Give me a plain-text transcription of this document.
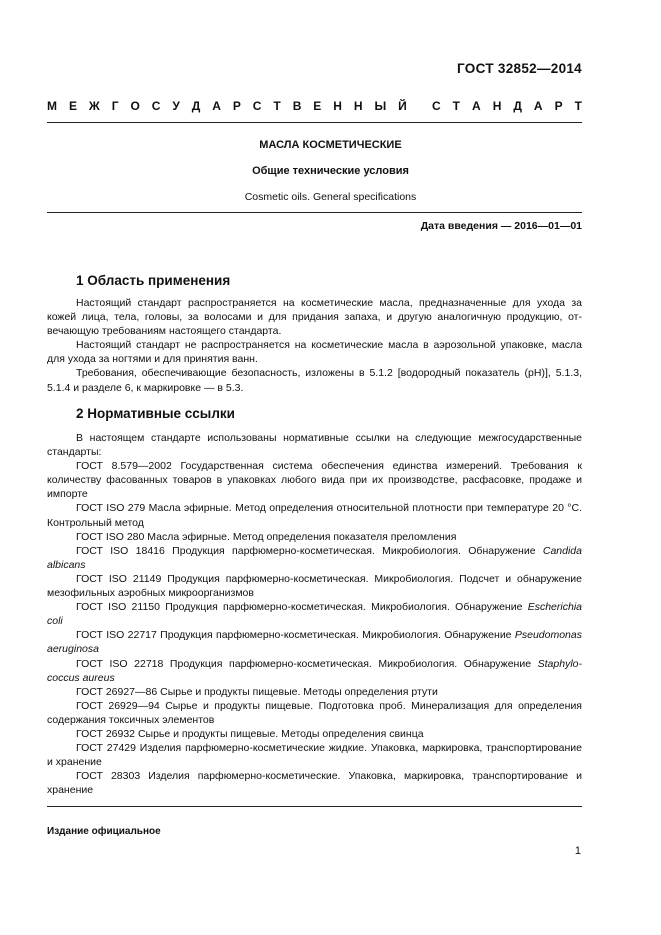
ГОСТ 32852—2014
М Е Ж Г О С У Д А Р С Т В Е Н Н Ы Й С Т А Н Д А Р Т
МАСЛА КОСМЕТИЧЕСКИЕ
Общие технические условия
Cosmetic oils. General specifications
Дата введения — 2016—01—01
1 Область применения

Настоящий стандарт распространяется на косметические масла, предназначенные для ухода за кожей лица, тела, головы, за волосами и для придания запаха, и другую аналогичную продукцию, отвечающую требованиям настоящего стандарта.

Настоящий стандарт не распространяется на косметические масла в аэрозольной упаковке, масла для ухода за ногтями и для принятия ванн.

Требования, обеспечивающие безопасность, изложены в 5.1.2 [водородный показатель (рН)], 5.1.3, 5.1.4 и разделе 6, к маркировке — в 5.3.

2 Нормативные ссылки

В настоящем стандарте использованы нормативные ссылки на следующие межгосударственные стандарты:

ГОСТ 8.579—2002 Государственная система обеспечения единства измерений. Требования к количеству фасованных товаров в упаковках любого вида при их производстве, расфасовке, продаже и импорте

ГОСТ ISO 279 Масла эфирные. Метод определения относительной плотности при температуре 20 °С. Контрольный метод

ГОСТ ISO 280 Масла эфирные. Метод определения показателя преломления

ГОСТ ISO 18416 Продукция парфюмерно-косметическая. Микробиология. Обнаружение Candida albicans

ГОСТ ISO 21149 Продукция парфюмерно-косметическая. Микробиология. Подсчет и обнаружение мезофильных аэробных микроорганизмов

ГОСТ ISO 21150 Продукция парфюмерно-косметическая. Микробиология. Обнаружение Escherichia coli

ГОСТ ISO 22717 Продукция парфюмерно-косметическая. Микробиология. Обнаружение Pseudomonas aeruginosa

ГОСТ ISO 22718 Продукция парфюмерно-косметическая. Микробиология. Обнаружение Staphylococcus aureus

ГОСТ 26927—86 Сырье и продукты пищевые. Методы определения ртути

ГОСТ 26929—94 Сырье и продукты пищевые. Подготовка проб. Минерализация для определения содержания токсичных элементов

ГОСТ 26932 Сырье и продукты пищевые. Методы определения свинца

ГОСТ 27429 Изделия парфюмерно-косметические жидкие. Упаковка, маркировка, транспортирование и хранение

ГОСТ 28303 Изделия парфюмерно-косметические. Упаковка, маркировка, транспортирование и хранение

Издание официальное
1
